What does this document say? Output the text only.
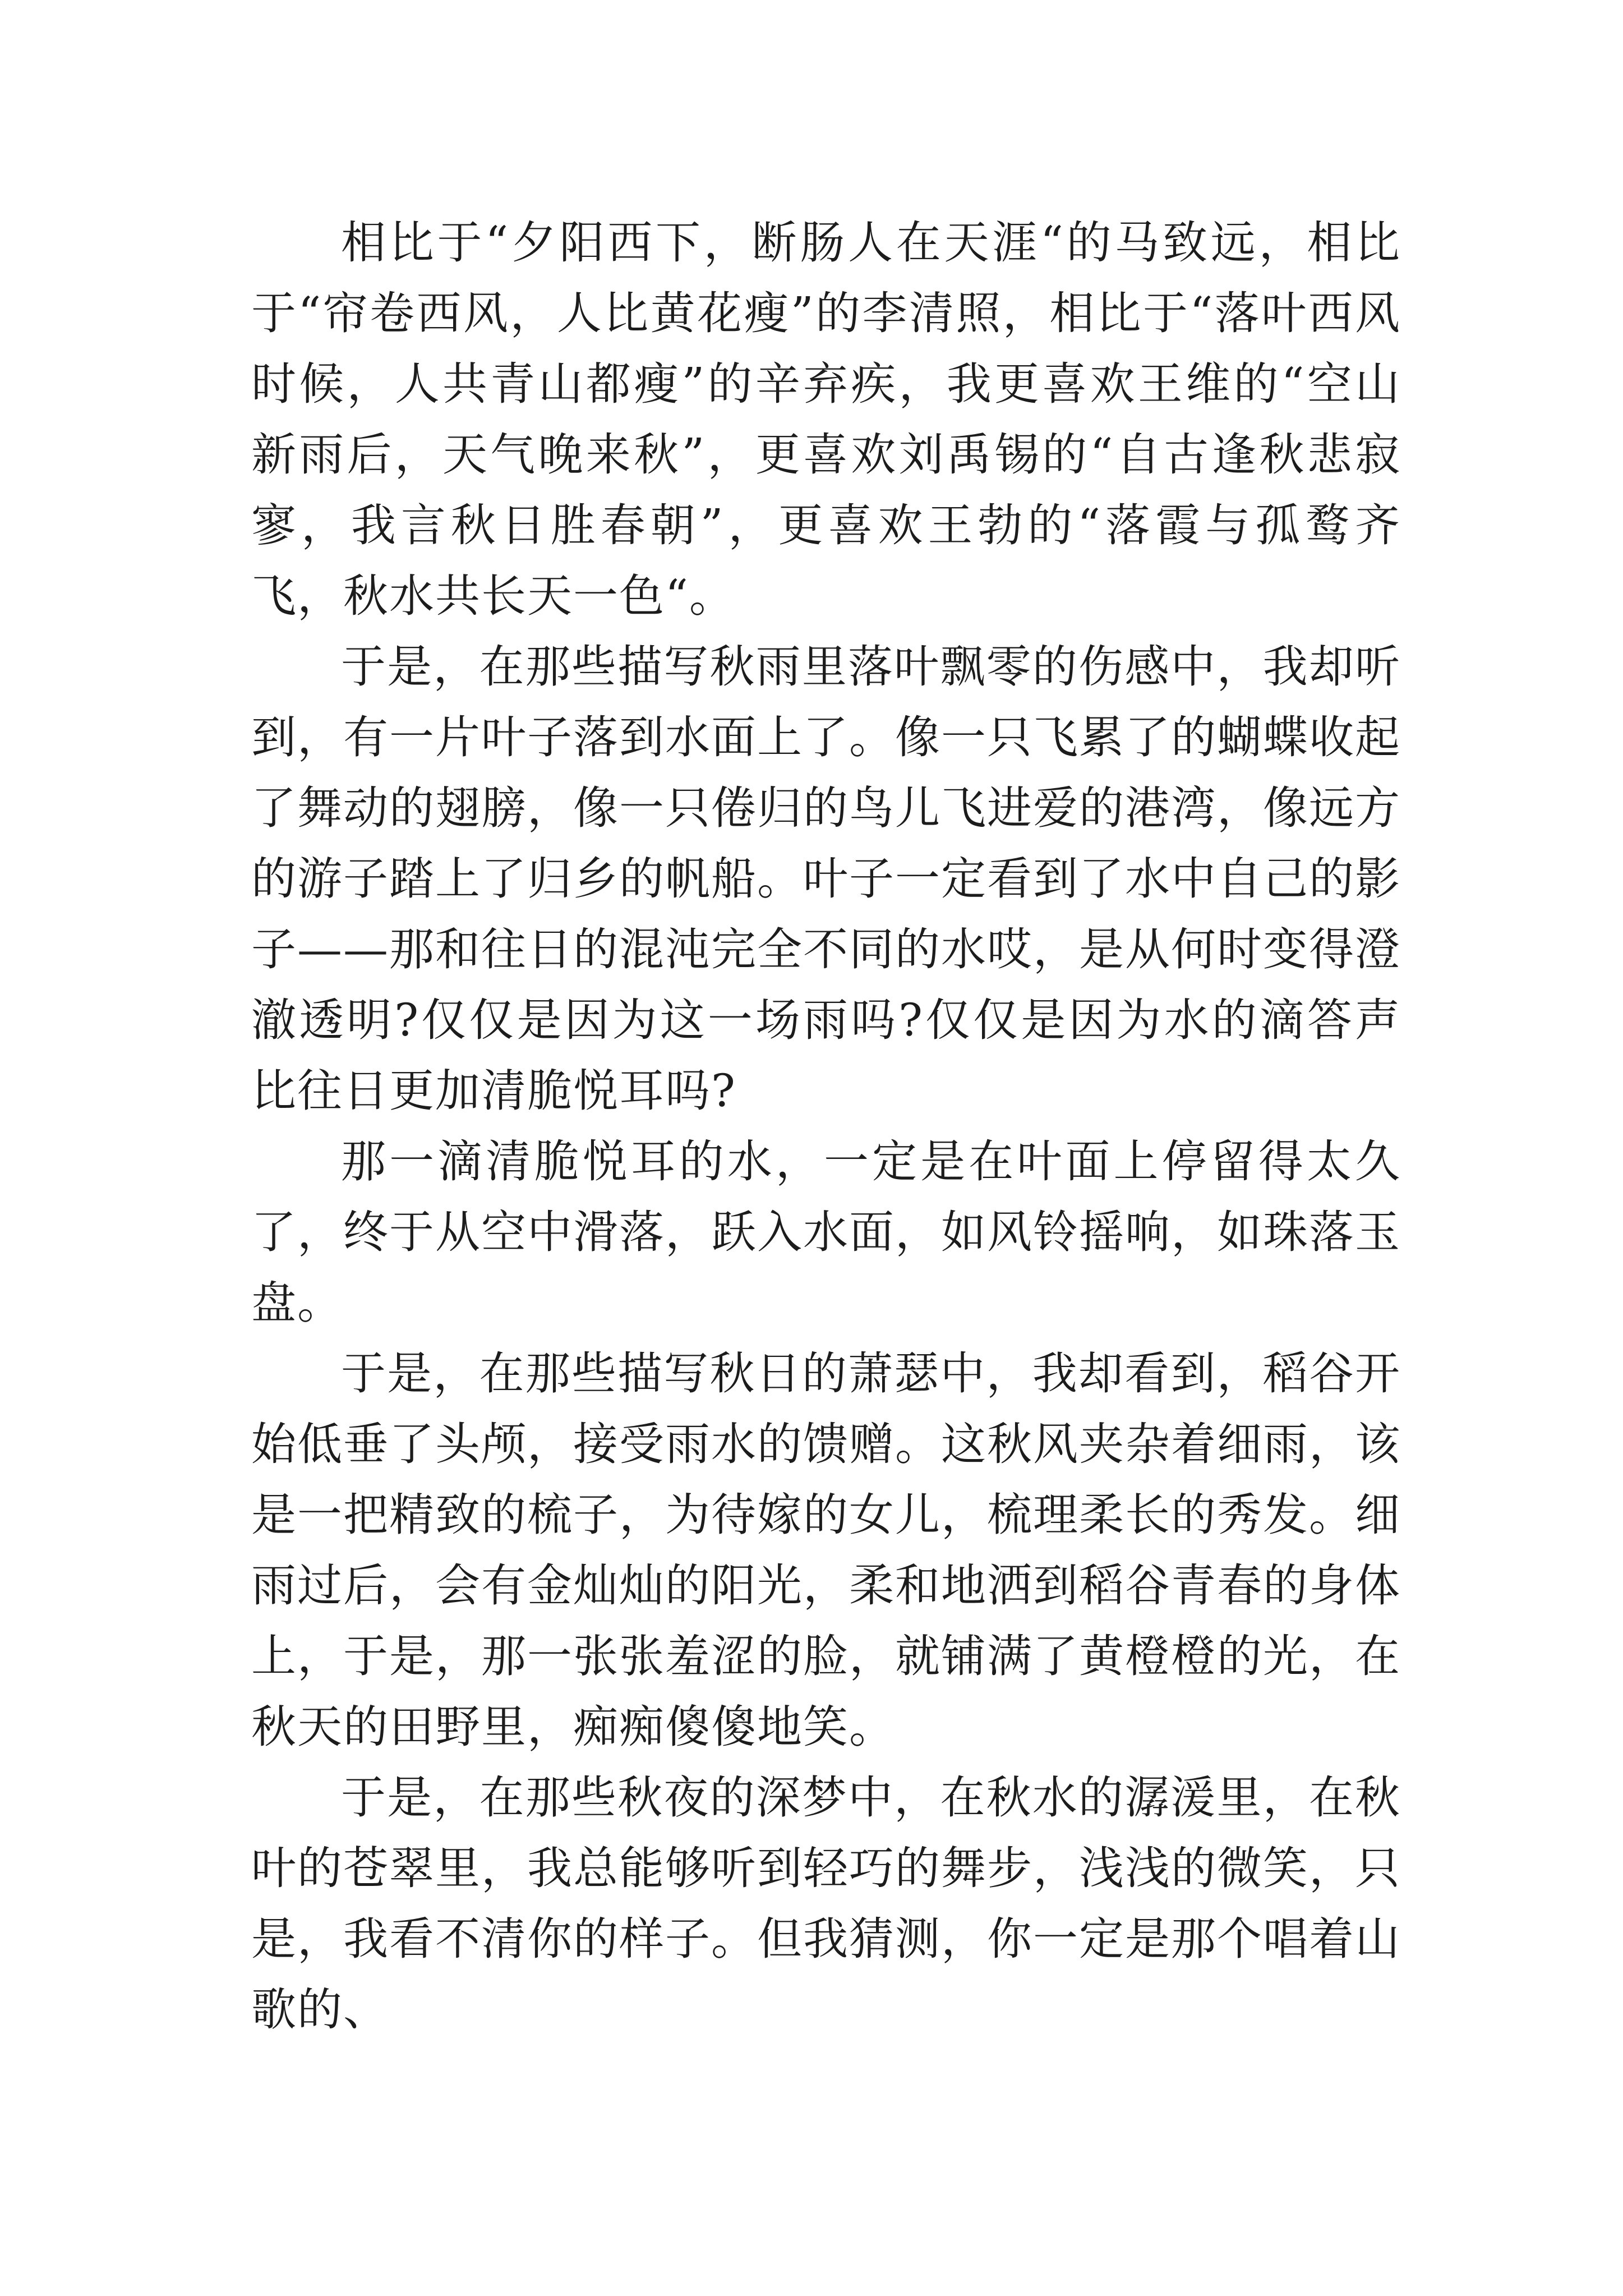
相比于“夕阳西下，断肠人在天涯“的马致远，相比于“帘卷西风，人比黄花瘦”的李清照，相比于“落叶西风时候，人共青山都瘦”的辛弃疾，我更喜欢王维的“空山新雨后，天气晚来秋”，更喜欢刘禹锡的“自古逢秋悲寂寥，我言秋日胜春朝”，更喜欢王勃的“落霞与孤鹜齐飞，秋水共长天一色“。

于是，在那些描写秋雨里落叶飘零的伤感中，我却听到，有一片叶子落到水面上了。像一只飞累了的蝴蝶收起了舞动的翅膀，像一只倦归的鸟儿飞进爱的港湾，像远方的游子踏上了归乡的帆船。叶子一定看到了水中自己的影子——那和往日的混沌完全不同的水哎，是从何时变得澄澈透明?仅仅是因为这一场雨吗?仅仅是因为水的滴答声比往日更加清脆悦耳吗?

那一滴清脆悦耳的水，一定是在叶面上停留得太久了，终于从空中滑落，跃入水面，如风铃摇响，如珠落玉盘。

于是，在那些描写秋日的萧瑟中，我却看到，稻谷开始低垂了头颅，接受雨水的馈赠。这秋风夹杂着细雨，该是一把精致的梳子，为待嫁的女儿，梳理柔长的秀发。细雨过后，会有金灿灿的阳光，柔和地洒到稻谷青春的身体上，于是，那一张张羞涩的脸，就铺满了黄橙橙的光，在秋天的田野里，痴痴傻傻地笑。

于是，在那些秋夜的深梦中，在秋水的潺湲里，在秋叶的苍翠里，我总能够听到轻巧的舞步，浅浅的微笑，只是，我看不清你的样子。但我猜测，你一定是那个唱着山歌的、
